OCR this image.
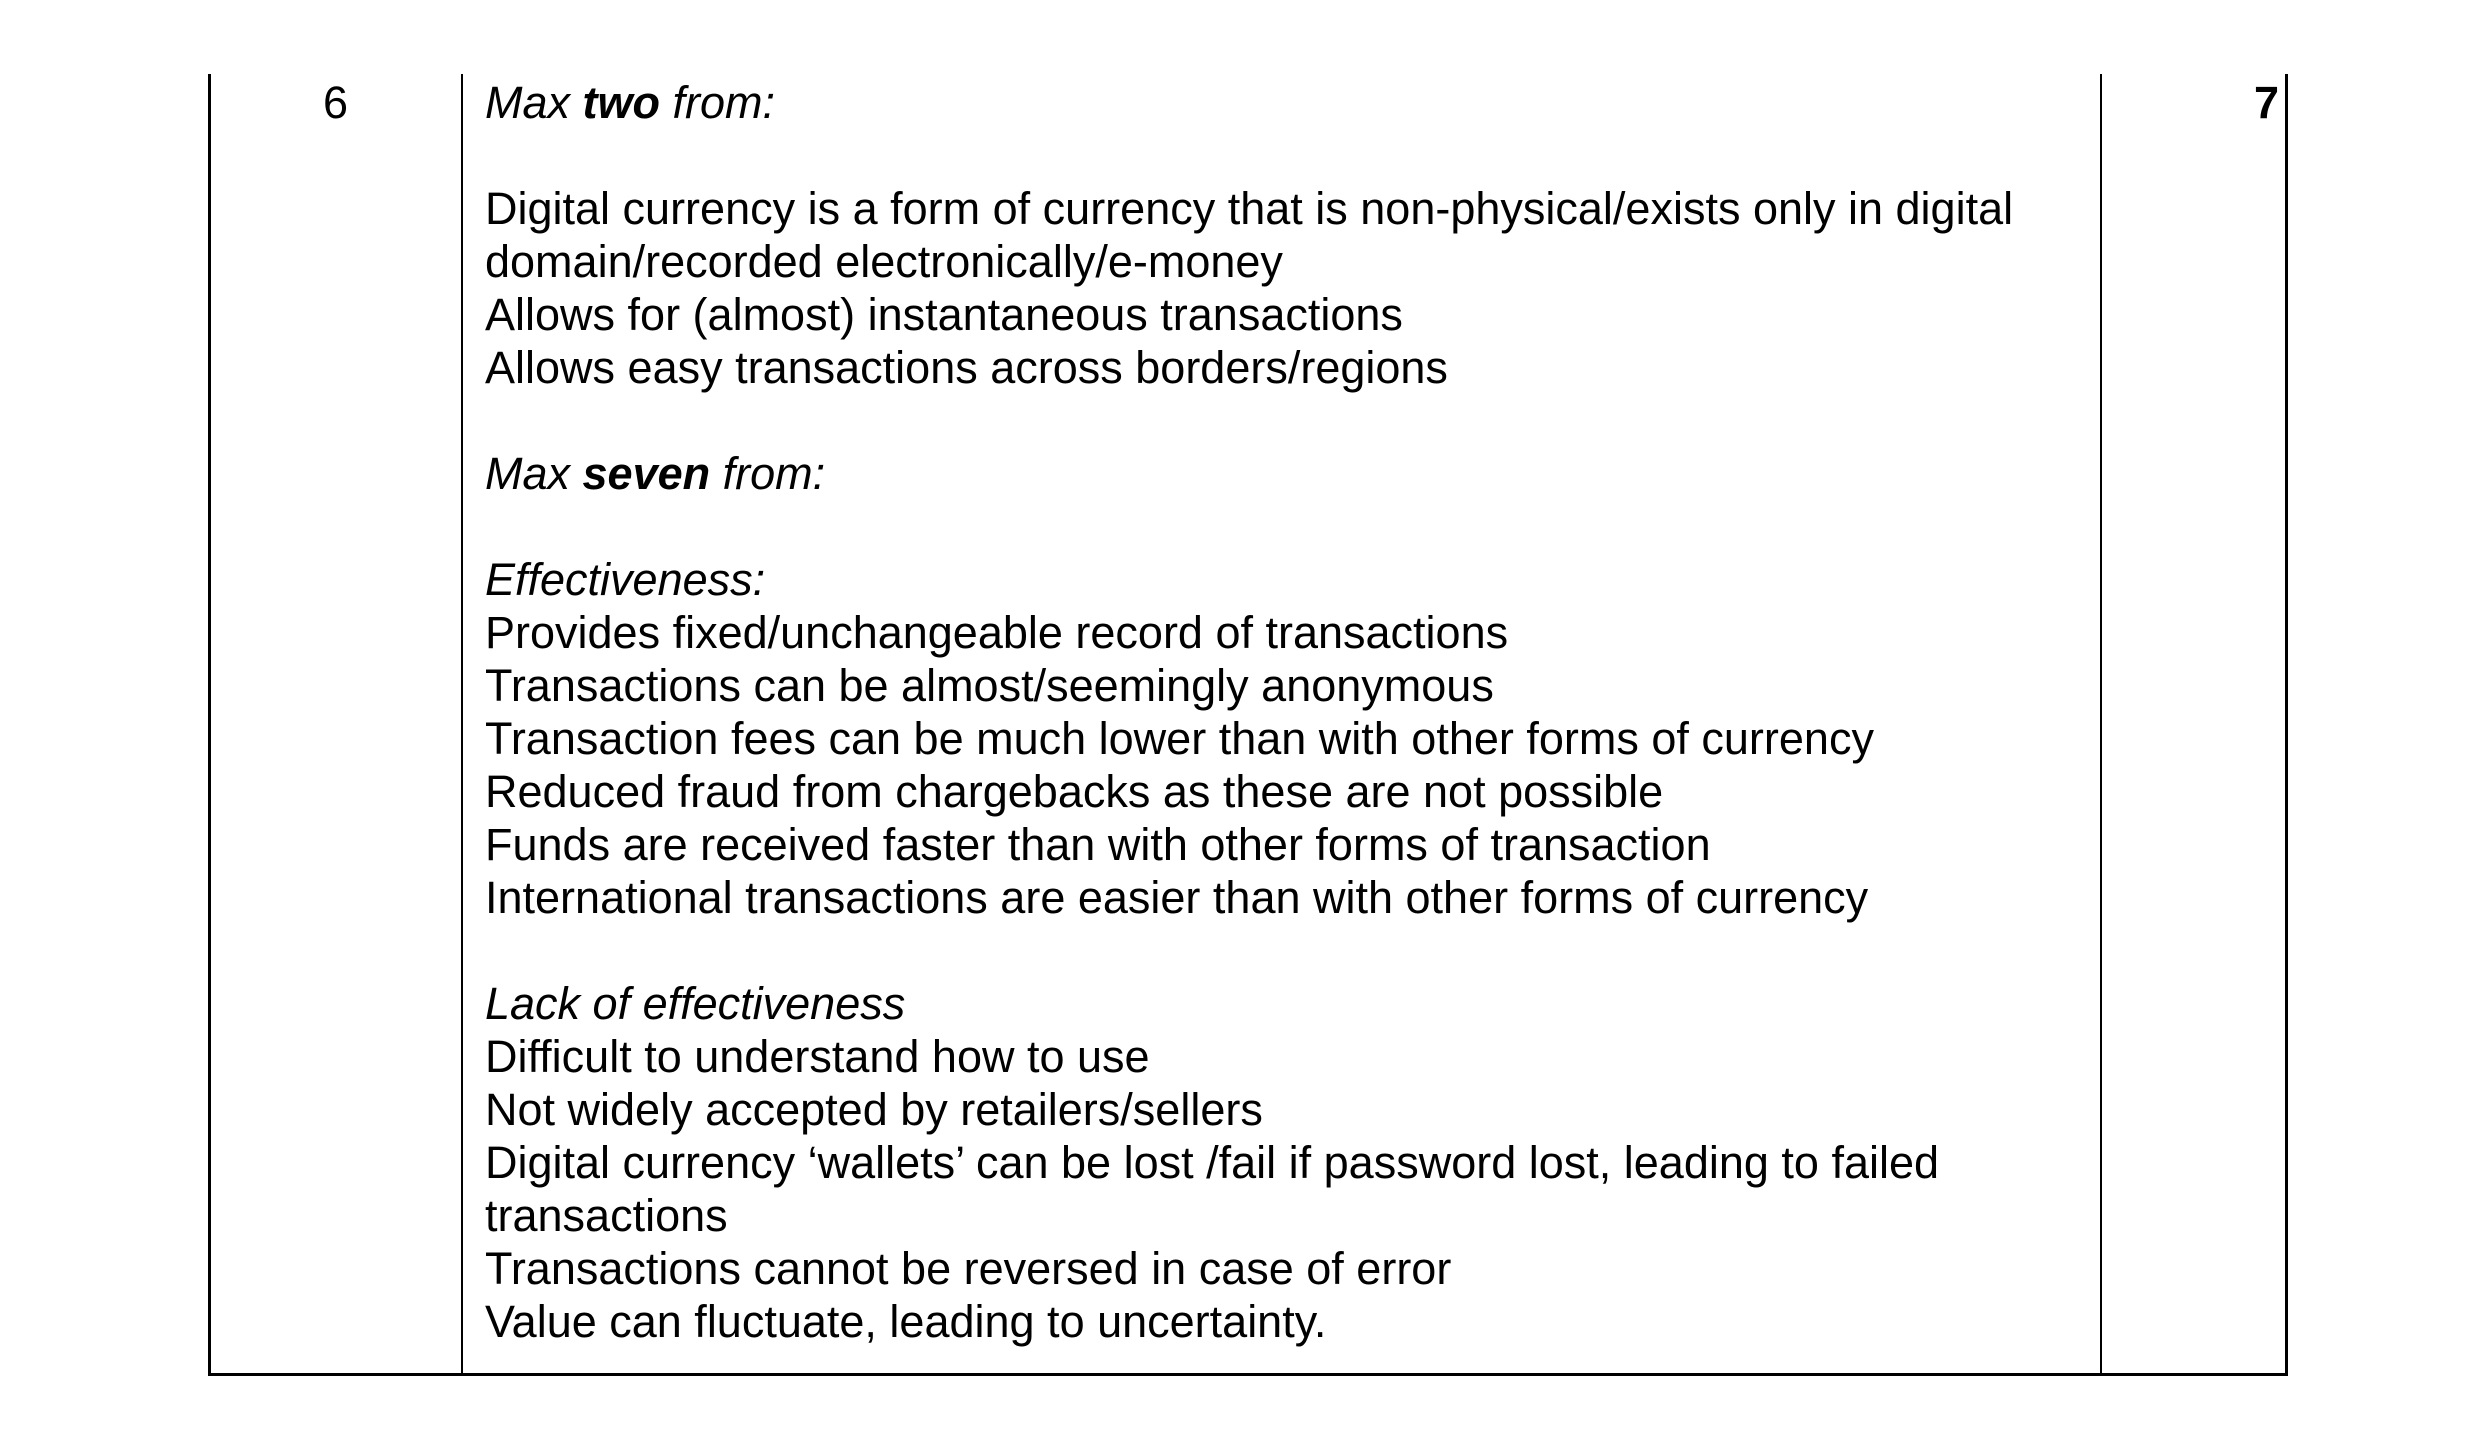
6	Max two from:
Digital currency is a form of currency that is non-physical/exists only in digital
domain/recorded electronically/e-money
Allows for (almost) instantaneous transactions
Allows easy transactions across borders/regions
Max seven from:
Effectiveness:
Provides fixed/unchangeable record of transactions
Transactions can be almost/seemingly anonymous
Transaction fees can be much lower than with other forms of currency
Reduced fraud from chargebacks as these are not possible
Funds are received faster than with other forms of transaction
International transactions are easier than with other forms of currency
Lack of effectiveness
Difficult to understand how to use
Not widely accepted by retailers/sellers
Digital currency ‘wallets’ can be lost /fail if password lost, leading to failed
transactions
Transactions cannot be reversed in case of error
Value can fluctuate, leading to uncertainty.
7
